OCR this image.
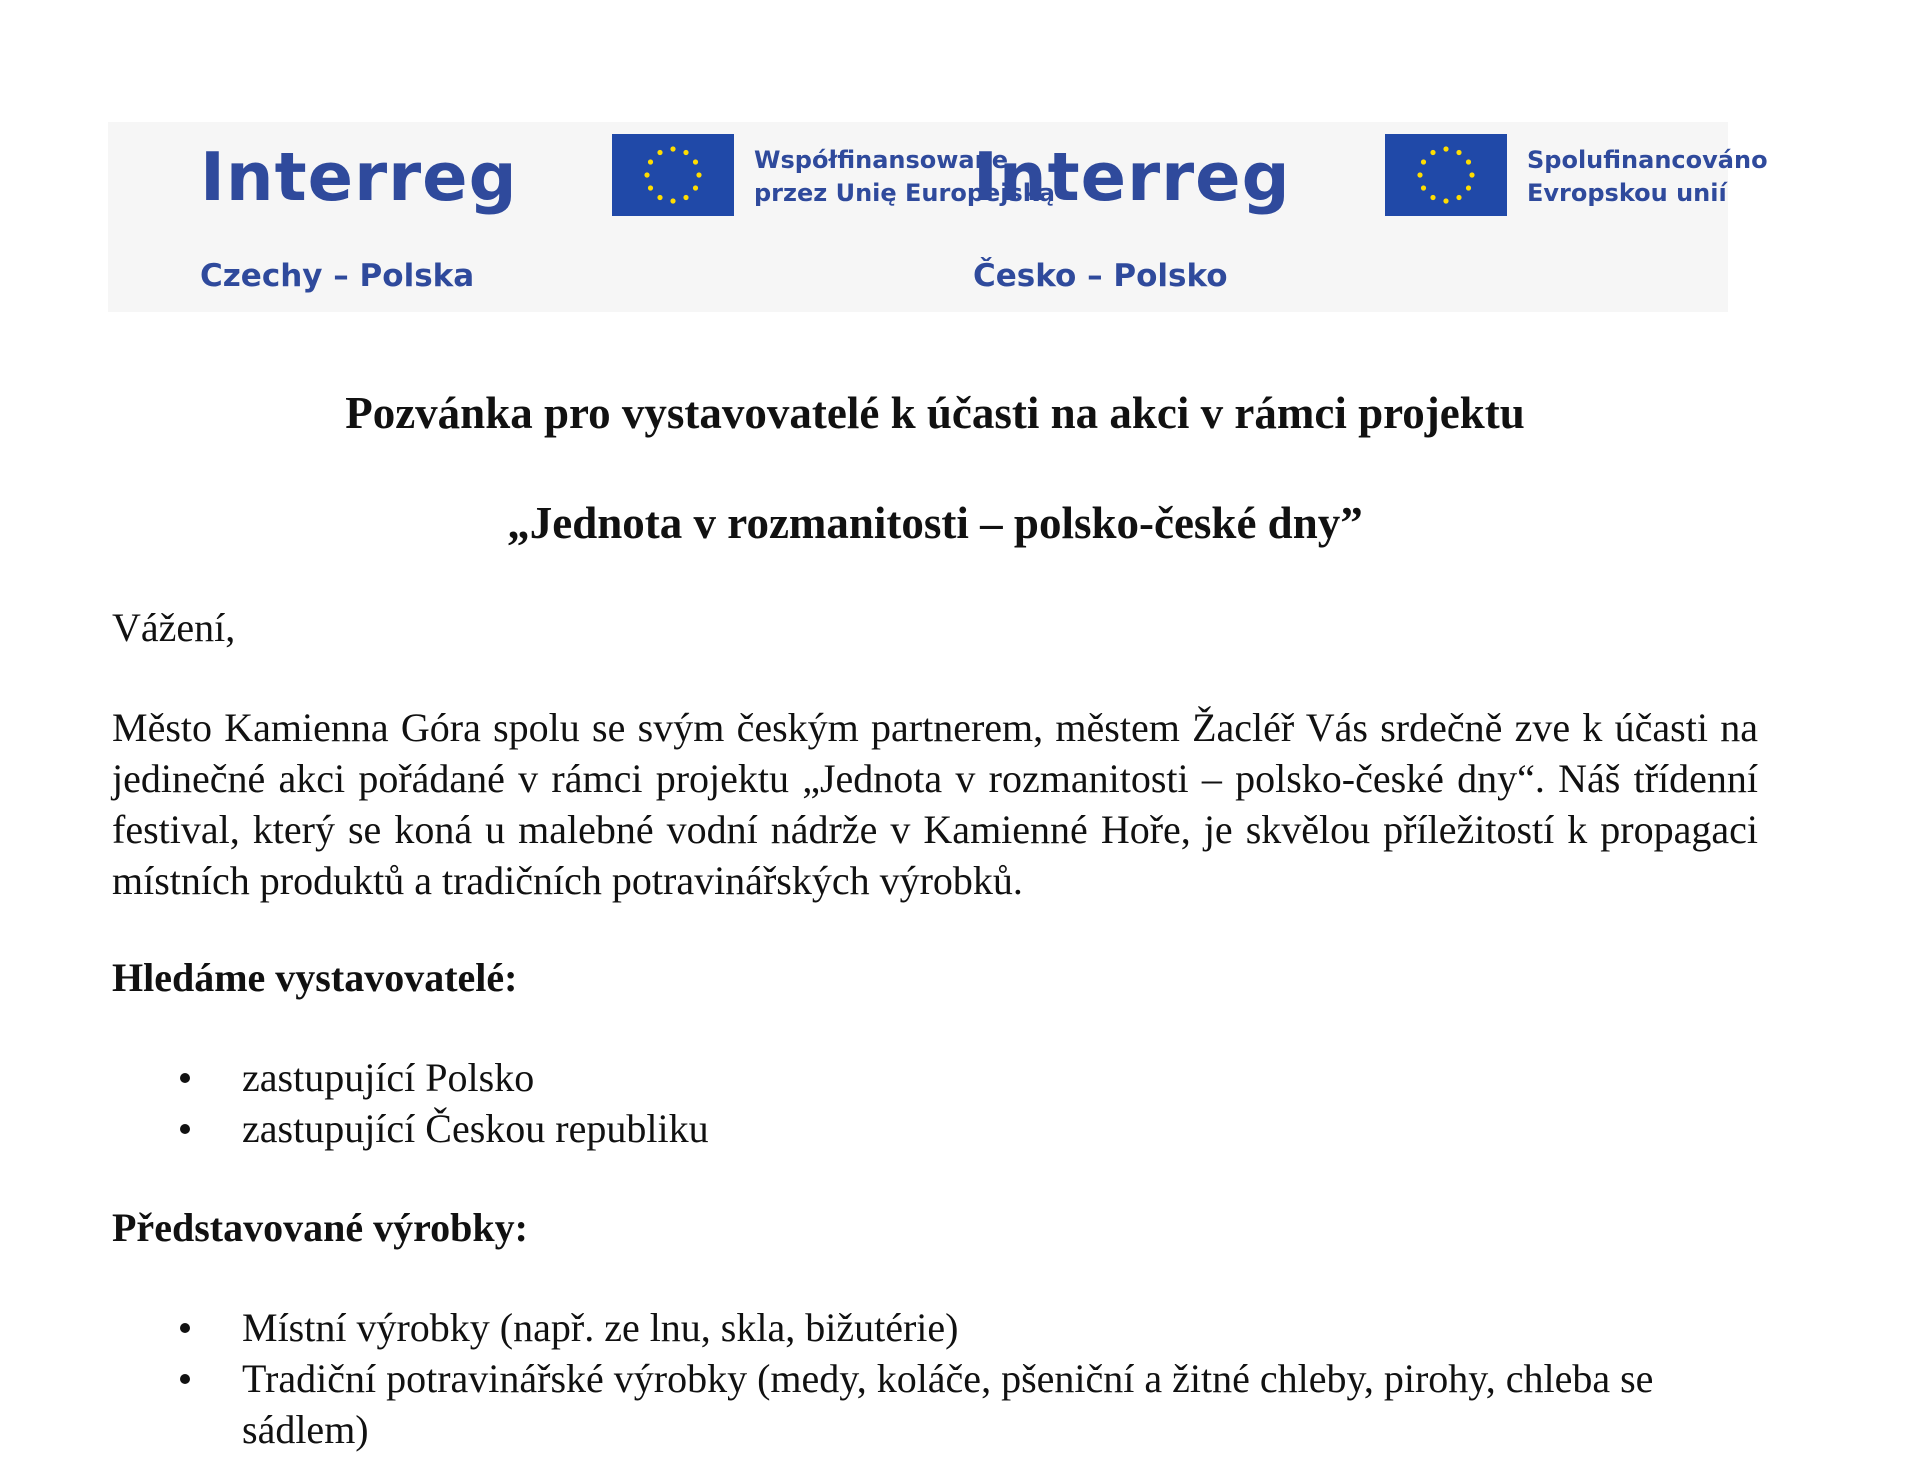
Interreg	Współfinansowane
przez Unię Europejską
Czechy – Polska
Interreg	Spolufinancováno
Evropskou unií
Česko – Polsko
Pozvánka pro vystavovatelé k účasti na akci v rámci projektu
„Jednota v rozmanitosti – polsko-české dny”

Vážení,

Město Kamienna Góra spolu se svým českým partnerem, městem Žacléř Vás srdečně zve k účasti na jedinečné akci pořádané v rámci projektu „Jednota v rozmanitosti – polsko-české dny“. Náš třídenní festival, který se koná u malebné vodní nádrže v Kamienné Hoře, je skvělou příležitostí k propagaci místních produktů a tradičních potravinářských výrobků.

Hledáme vystavovatelé:

zastupující Polsko
zastupující Českou republiku

Představované výrobky:

Místní výrobky (např. ze lnu, skla, bižutérie)
Tradiční potravinářské výrobky (medy, koláče, pšeniční a žitné chleby, pirohy, chleba se sádlem)
